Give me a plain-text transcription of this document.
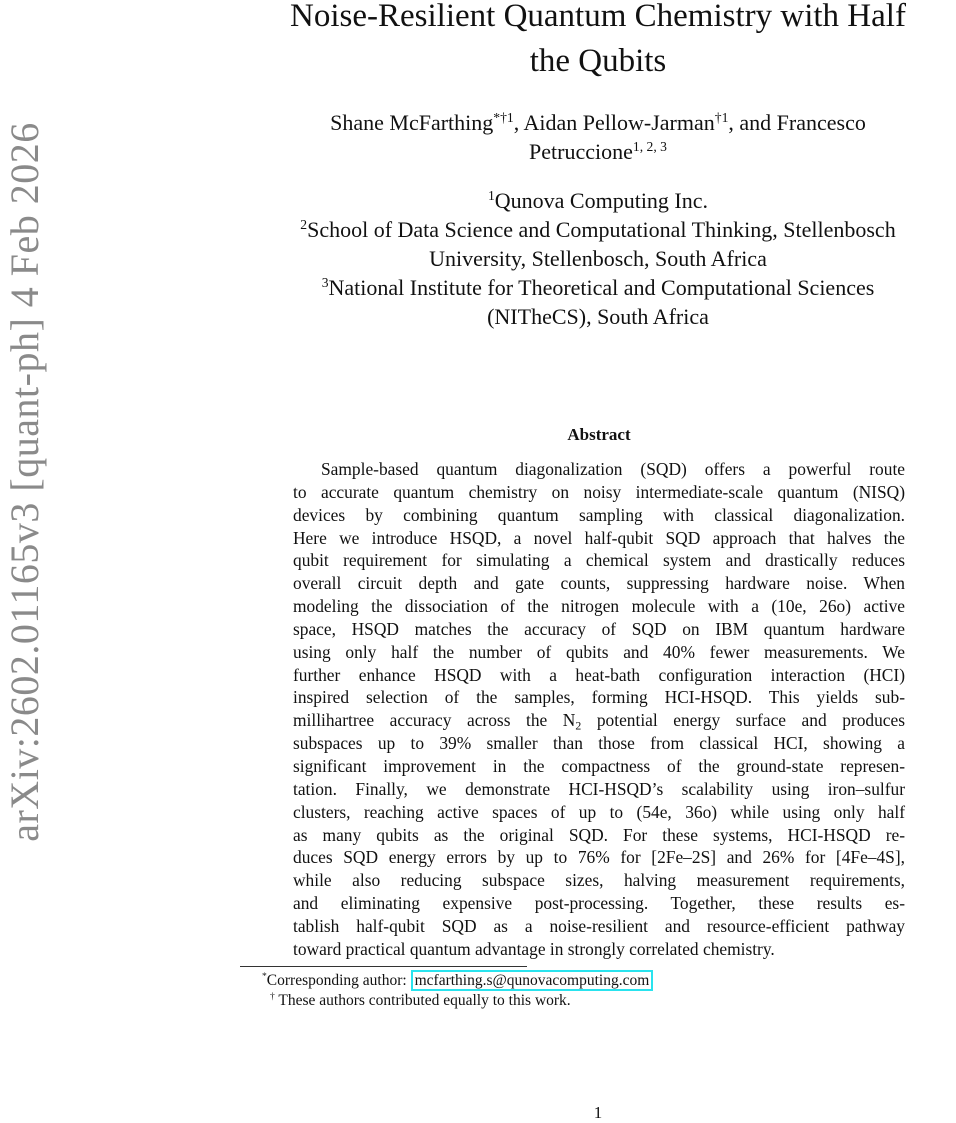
arXiv:2602.01165v3 [quant-ph] 4 Feb 2026
Noise-Resilient Quantum Chemistry with Half
the Qubits
Shane McFarthing$^{*\dagger 1}$, Aidan Pellow-Jarman$^{\dagger 1}$, and Francesco
Petruccione$^{1, 2, 3}$
$^1$Qunova Computing Inc.
$^2$School of Data Science and Computational Thinking, Stellenbosch
University, Stellenbosch, South Africa
$^3$National Institute for Theoretical and Computational Sciences
(NITheCS), South Africa
Abstract
Sample-based quantum diagonalization (SQD) offers a powerful route
to accurate quantum chemistry on noisy intermediate-scale quantum (NISQ)
devices by combining quantum sampling with classical diagonalization.
Here we introduce HSQD, a novel half-qubit SQD approach that halves the
qubit requirement for simulating a chemical system and drastically reduces
overall circuit depth and gate counts, suppressing hardware noise. When
modeling the dissociation of the nitrogen molecule with a (10e, 26o) active
space, HSQD matches the accuracy of SQD on IBM quantum hardware
using only half the number of qubits and 40% fewer measurements. We
further enhance HSQD with a heat-bath configuration interaction (HCI)
inspired selection of the samples, forming HCI-HSQD. This yields sub-
millihartree accuracy across the $N_2$ potential energy surface and produces
subspaces up to 39% smaller than those from classical HCI, showing a
significant improvement in the compactness of the ground-state represen-
tation. Finally, we demonstrate HCI-HSQD’s scalability using iron–sulfur
clusters, reaching active spaces of up to (54e, 36o) while using only half
as many qubits as the original SQD. For these systems, HCI-HSQD re-
duces SQD energy errors by up to 76% for [2Fe–2S] and 26% for [4Fe–4S],
while also reducing subspace sizes, halving measurement requirements,
and eliminating expensive post-processing. Together, these results es-
tablish half-qubit SQD as a noise-resilient and resource-efficient pathway
toward practical quantum advantage in strongly correlated chemistry.
*Corresponding author: mcfarthing.s@qunovacomputing.com
† These authors contributed equally to this work.
1
